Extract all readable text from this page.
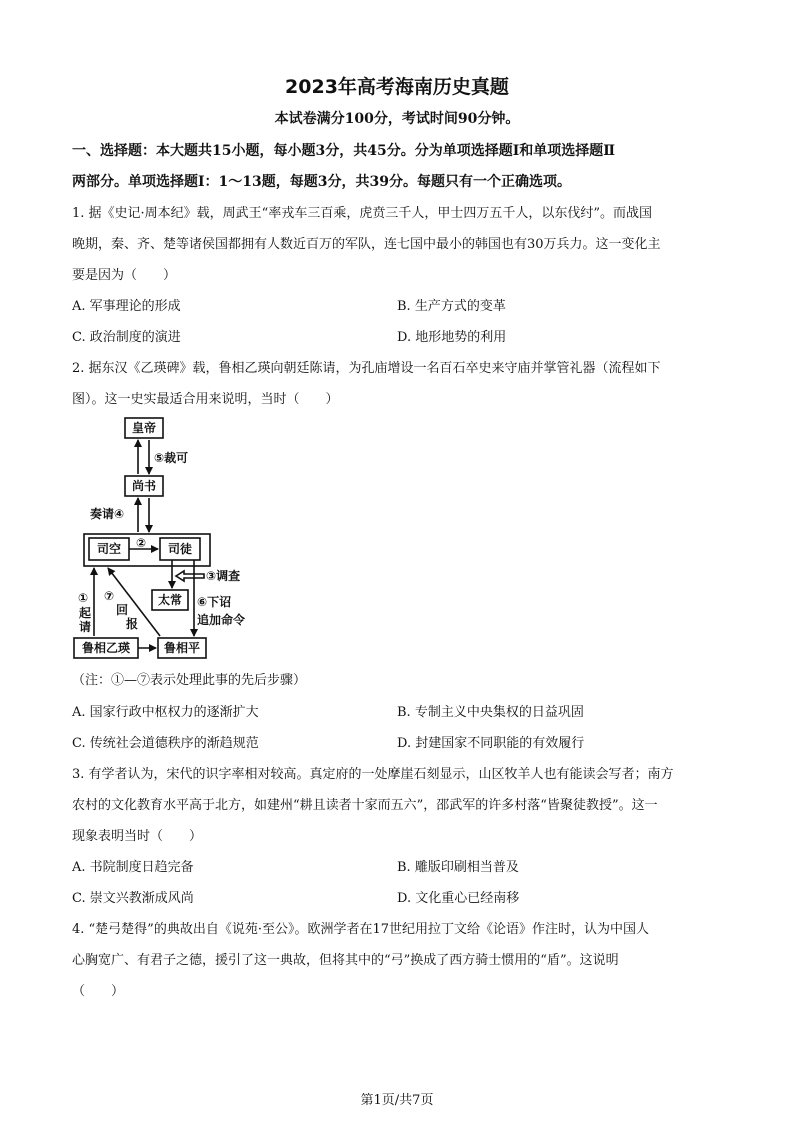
2023年高考海南历史真题
本试卷满分100分，考试时间90分钟。
一、选择题：本大题共15小题，每小题3分，共45分。分为单项选择题Ⅰ和单项选择题Ⅱ
两部分。单项选择题Ⅰ：1～13题，每题3分，共39分。每题只有一个正确选项。
1. 据《史记·周本纪》载，周武王“率戎车三百乘，虎贲三千人，甲士四万五千人，以东伐纣”。而战国
晚期，秦、齐、楚等诸侯国都拥有人数近百万的军队，连七国中最小的韩国也有30万兵力。这一变化主
要是因为（　　）
A. 军事理论的形成	B. 生产方式的变革
C. 政治制度的演进	D. 地形地势的利用
2. 据东汉《乙瑛碑》载，鲁相乙瑛向朝廷陈请，为孔庙增设一名百石卒史来守庙并掌管礼器（流程如下
图）。这一史实最适合用来说明，当时（　　）
皇帝
尚书
司空	司徒
太常
鲁相乙瑛	鲁相平
⑤裁可
奏请④
②
③调查
⑥下诏
追加命令
①
起
请
⑦
回
报
（注：①—⑦表示处理此事的先后步骤）
A. 国家行政中枢权力的逐渐扩大	B. 专制主义中央集权的日益巩固
C. 传统社会道德秩序的渐趋规范	D. 封建国家不同职能的有效履行
3. 有学者认为，宋代的识字率相对较高。真定府的一处摩崖石刻显示，山区牧羊人也有能读会写者；南方
农村的文化教育水平高于北方，如建州“耕且读者十家而五六”，邵武军的许多村落“皆聚徒教授”。这一
现象表明当时（　　）
A. 书院制度日趋完备	B. 雕版印刷相当普及
C. 崇文兴教渐成风尚	D. 文化重心已经南移
4. “楚弓楚得”的典故出自《说苑·至公》。欧洲学者在17世纪用拉丁文给《论语》作注时，认为中国人
心胸宽广、有君子之德，援引了这一典故，但将其中的“弓”换成了西方骑士惯用的“盾”。这说明
（　　）
第1页/共7页
